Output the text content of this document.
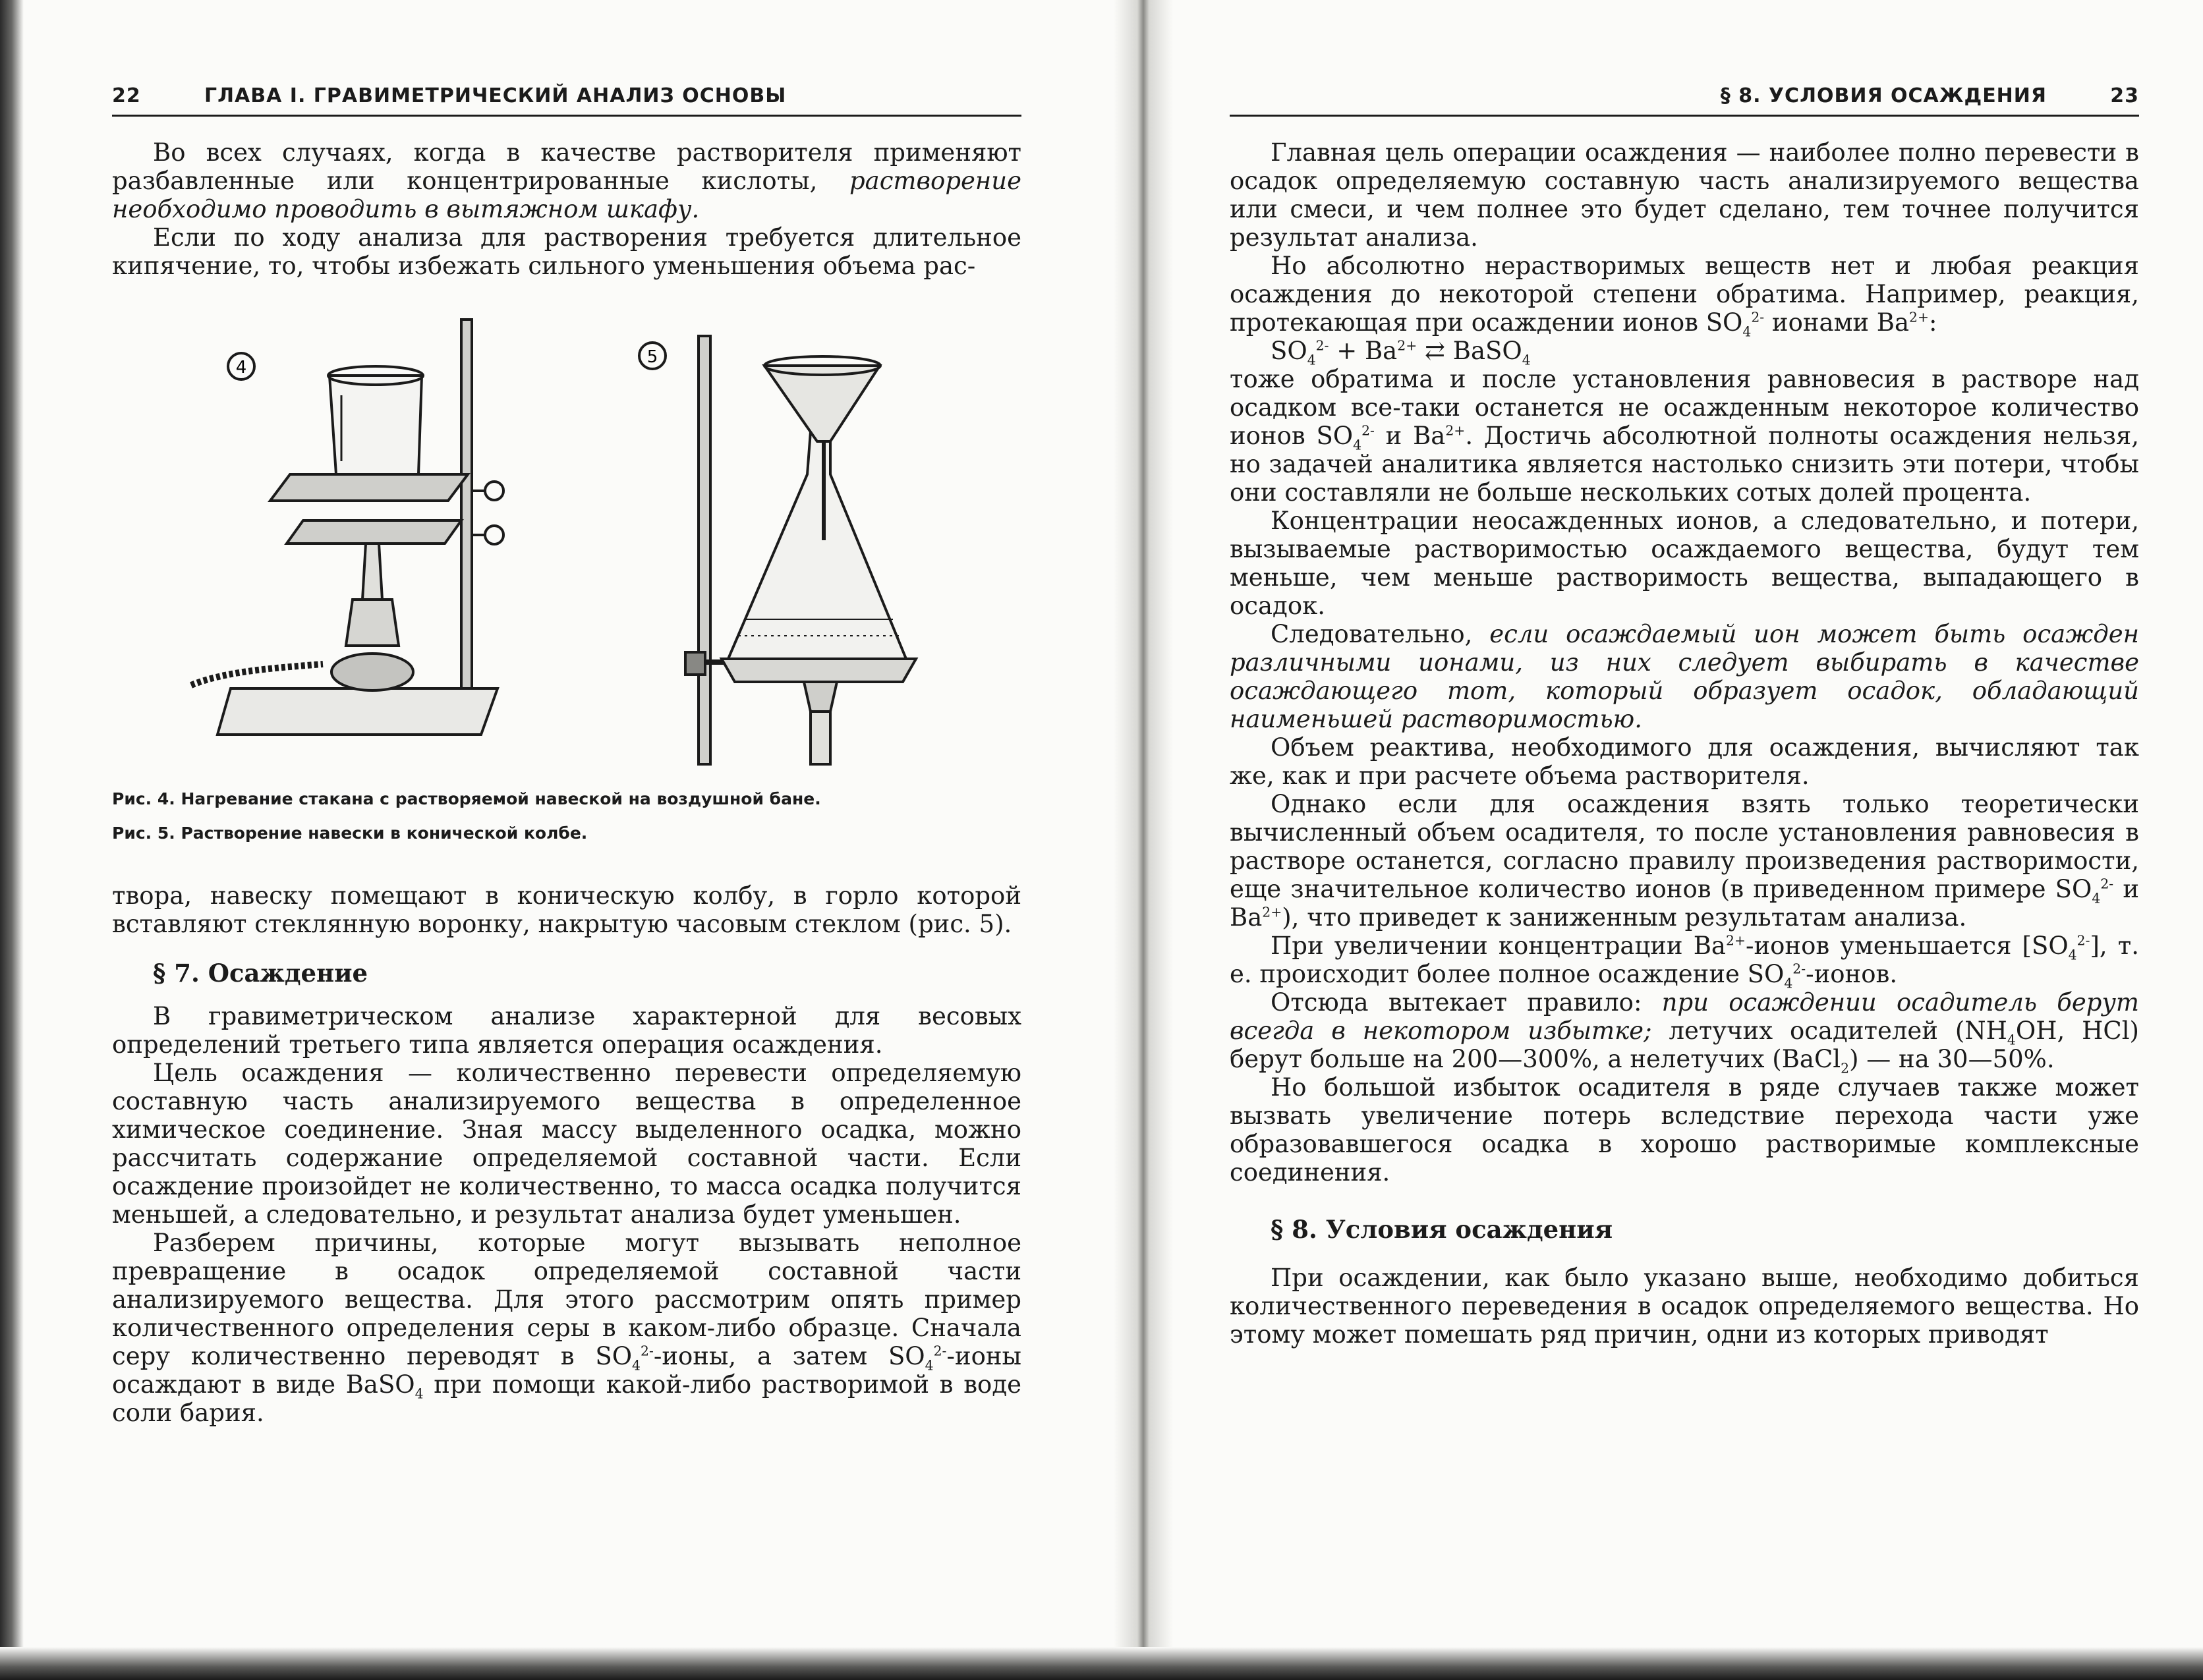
22	ГЛАВА I. ГРАВИМЕТРИЧЕСКИЙ АНАЛИЗ ОСНОВЫ

Во всех случаях, когда в качестве растворителя применяют разбавленные или концентрированные кислоты, растворение необходимо проводить в вытяжном шкафу.

Если по ходу анализа для растворения требуется длительное кипячение, то, чтобы избежать сильного уменьшения объема рас-

4
5
Рис. 4. Нагревание стакана с растворяемой навеской на воздушной бане.
Рис. 5. Растворение навески в конической колбе.

твора, навеску помещают в коническую колбу, в горло которой вставляют стеклянную воронку, накрытую часовым стеклом (рис. 5).

§ 7. Осаждение

В гравиметрическом анализе характерной для весовых определений третьего типа является операция осаждения.

Цель осаждения — количественно перевести определяемую составную часть анализируемого вещества в определенное химическое соединение. Зная массу выделенного осадка, можно рассчитать содержание определяемой составной части. Если осаждение произойдет не количественно, то масса осадка получится меньшей, а следовательно, и результат анализа будет уменьшен.

Разберем причины, которые могут вызывать неполное превращение в осадок определяемой составной части анализируемого вещества. Для этого рассмотрим опять пример количественного определения серы в каком-либо образце. Сначала серу количественно переводят в $SO_4^{2-}$-ионы, а затем $SO_4^{2-}$-ионы осаждают в виде BaSO$_4$ при помощи какой-либо растворимой в воде соли бария.

§ 8. УСЛОВИЯ ОСАЖДЕНИЯ	23

Главная цель операции осаждения — наиболее полно перевести в осадок определяемую составную часть анализируемого вещества или смеси, и чем полнее это будет сделано, тем точнее получится результат анализа.

Но абсолютно нерастворимых веществ нет и любая реакция осаждения до некоторой степени обратима. Например, реакция, протекающая при осаждении ионов $SO_4^{2-}$ ионами $Ba^{2+}$:

$SO_4^{2-} + Ba^{2+}$ ⇄ BaSO$_4$

тоже обратима и после установления равновесия в растворе над осадком все-таки останется не осажденным некоторое количество ионов $SO_4^{2-}$ и $Ba^{2+}$. Достичь абсолютной полноты осаждения нельзя, но задачей аналитика является настолько снизить эти потери, чтобы они составляли не больше нескольких сотых долей процента.

Концентрации неосажденных ионов, а следовательно, и потери, вызываемые растворимостью осаждаемого вещества, будут тем меньше, чем меньше растворимость вещества, выпадающего в осадок.

Следовательно, если осаждаемый ион может быть осажден различными ионами, из них следует выбирать в качестве осаждающего тот, который образует осадок, обладающий наименьшей растворимостью.

Объем реактива, необходимого для осаждения, вычисляют так же, как и при расчете объема растворителя.

Однако если для осаждения взять только теоретически вычисленный объем осадителя, то после установления равновесия в растворе останется, согласно правилу произведения растворимости, еще значительное количество ионов (в приведенном примере $SO_4^{2-}$ и $Ba^{2+}$), что приведет к заниженным результатам анализа.

При увеличении концентрации $Ba^{2+}$-ионов уменьшается $[SO_4^{2-}]$, т. е. происходит более полное осаждение $SO_4^{2-}$-ионов.

Отсюда вытекает правило: при осаждении осадитель берут всегда в некотором избытке; летучих осадителей ($NH_4OH$, HCl) берут больше на 200—300%, а нелетучих (BaCl$_2$) — на 30—50%.

Но большой избыток осадителя в ряде случаев также может вызвать увеличение потерь вследствие перехода части уже образовавшегося осадка в хорошо растворимые комплексные соединения.

§ 8. Условия осаждения

При осаждении, как было указано выше, необходимо добиться количественного переведения в осадок определяемого вещества. Но этому может помешать ряд причин, одни из которых приводят
